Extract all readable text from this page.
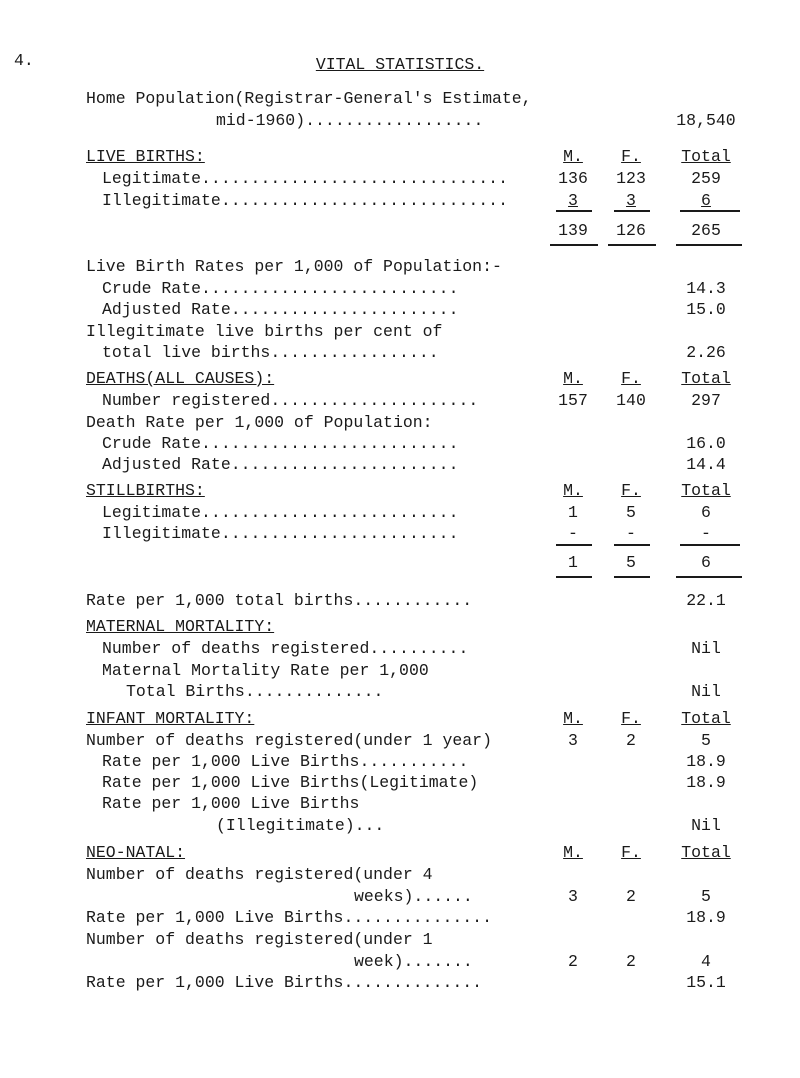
4.	VITAL STATISTICS.
Home Population(Registrar-General's Estimate,
mid-1960)..................	18,540
LIVE BIRTHS:	M.	F.	Total
Legitimate...............................	136	123	259
Illegitimate.............................	3	3	6
139	126	265
Live Birth Rates per 1,000 of Population:-
Crude Rate..........................	14.3
Adjusted Rate.......................	15.0
Illegitimate live births per cent of
total live births.................	2.26
DEATHS(ALL CAUSES):	M.	F.	Total
Number registered.....................	157	140	297
Death Rate per 1,000 of Population:
Crude Rate..........................	16.0
Adjusted Rate.......................	14.4
STILLBIRTHS:	M.	F.	Total
Legitimate..........................	1	5	6
Illegitimate........................	-	-	-
1	5	6
Rate per 1,000 total births............	22.1
MATERNAL MORTALITY:
Number of deaths registered..........	Nil
Maternal Mortality Rate per 1,000
Total Births..............	Nil
INFANT MORTALITY:	M.	F.	Total
Number of deaths registered(under 1 year)	3	2	5
Rate per 1,000 Live Births...........	18.9
Rate per 1,000 Live Births(Legitimate)	18.9
Rate per 1,000 Live Births
(Illegitimate)...	Nil
NEO-NATAL:	M.	F.	Total
Number of deaths registered(under 4
weeks)......	3	2	5
Rate per 1,000 Live Births...............	18.9
Number of deaths registered(under 1
week).......	2	2	4
Rate per 1,000 Live Births..............	15.1
